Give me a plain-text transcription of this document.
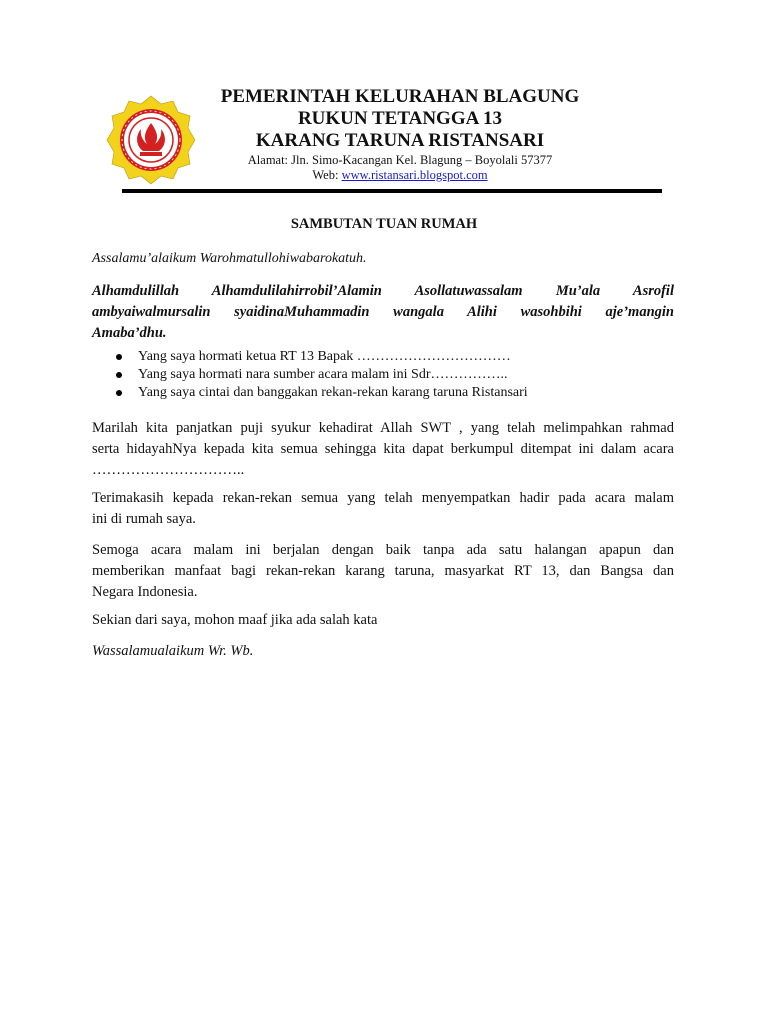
PEMERINTAH KELURAHAN BLAGUNG
RUKUN TETANGGA 13
KARANG TARUNA RISTANSARI
Alamat: Jln. Simo-Kacangan Kel. Blagung – Boyolali 57377
Web: www.ristansari.blogspot.com
SAMBUTAN TUAN RUMAH
Assalamu’alaikum Warohmatullohiwabarokatuh.
Alhamdulillah Alhamdulilahirrobil’Alamin Asollatuwassalam Mu’ala Asrofil
ambyaiwalmursalin syaidinaMuhammadin wangala Alihi wasohbihi aje’mangin
Amaba’dhu.
Yang saya hormati ketua RT 13 Bapak ……………………………
Yang saya hormati nara sumber acara malam ini Sdr……………..
Yang saya cintai dan banggakan rekan-rekan karang taruna Ristansari
Marilah kita panjatkan puji syukur kehadirat Allah SWT , yang telah melimpahkan rahmad
serta hidayahNya kepada kita semua sehingga kita dapat berkumpul ditempat ini dalam acara
…………………………..
Terimakasih kepada rekan-rekan semua yang telah menyempatkan hadir pada acara malam
ini di rumah saya.
Semoga acara malam ini berjalan dengan baik tanpa ada satu halangan apapun dan
memberikan manfaat bagi rekan-rekan karang taruna, masyarkat RT 13, dan Bangsa dan
Negara Indonesia.
Sekian dari saya, mohon maaf jika ada salah kata
Wassalamualaikum Wr. Wb.
